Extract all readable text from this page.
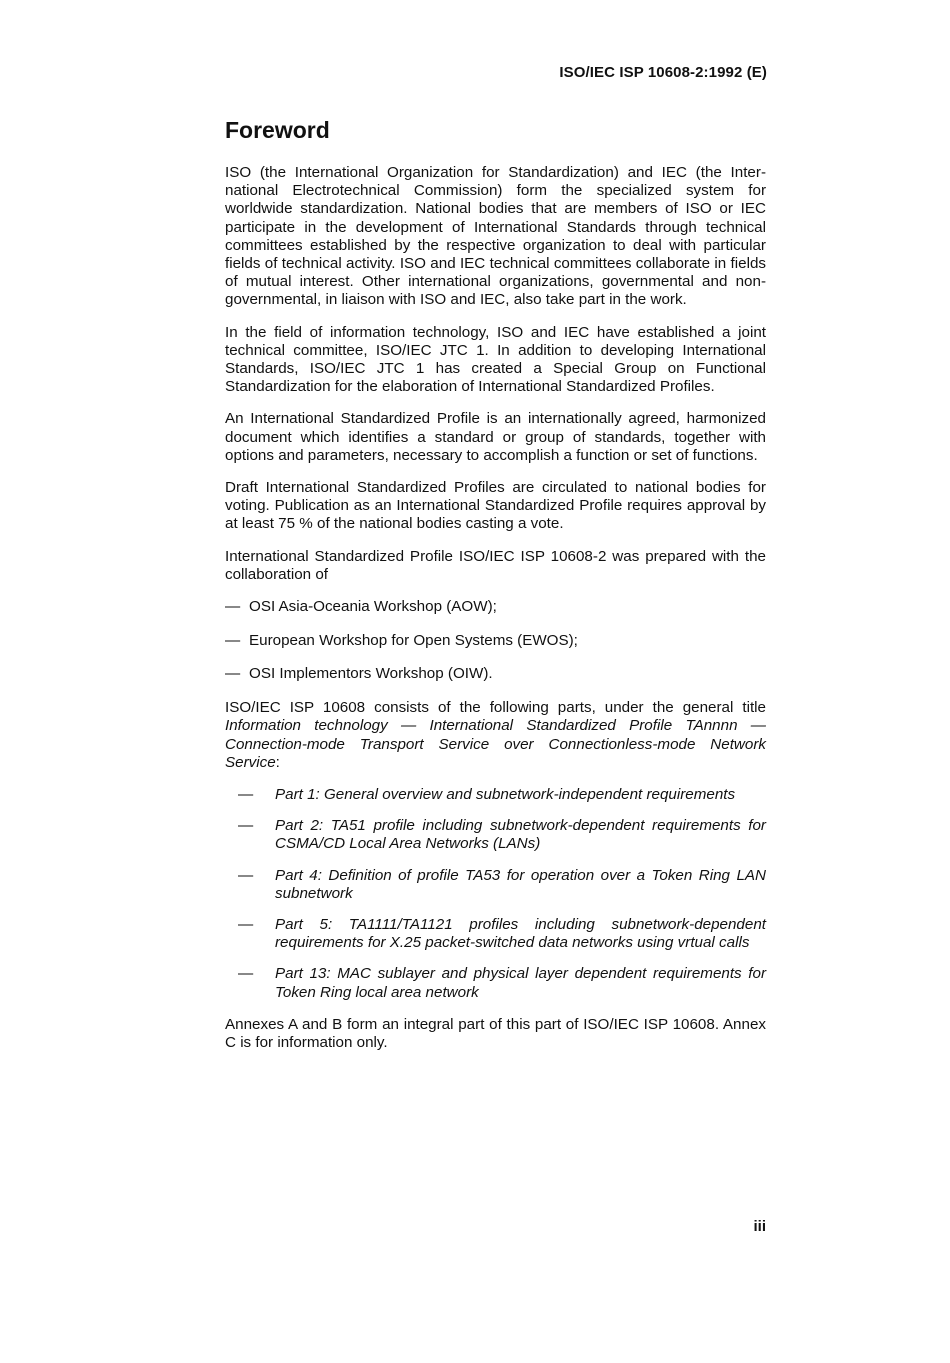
ISO/IEC ISP 10608-2:1992 (E)
Foreword

ISO (the International Organization for Standardization) and IEC (the International Electrotechnical Commission) form the specialized system for worldwide standardization. National bodies that are members of ISO or IEC participate in the development of International Standards through technical committees established by the respective organization to deal with particular fields of technical activity. ISO and IEC technical committees collaborate in fields of mutual interest. Other international organizations, governmental and non-governmental, in liaison with ISO and IEC, also take part in the work.

In the field of information technology, ISO and IEC have established a joint technical committee, ISO/IEC JTC 1. In addition to developing International Standards, ISO/IEC JTC 1 has created a Special Group on Functional Standardization for the elaboration of International Standardized Profiles.

An International Standardized Profile is an internationally agreed, harmonized document which identifies a standard or group of standards, together with options and parameters, necessary to accomplish a function or set of functions.

Draft International Standardized Profiles are circulated to national bodies for voting. Publication as an International Standardized Profile requires approval by at least 75 % of the national bodies casting a vote.

International Standardized Profile ISO/IEC ISP 10608-2 was prepared with the collaboration of

— OSI Asia-Oceania Workshop (AOW);
— European Workshop for Open Systems (EWOS);
— OSI Implementors Workshop (OIW).

ISO/IEC ISP 10608 consists of the following parts, under the general title Information technology — International Standardized Profile TAnnnn — Connection-mode Transport Service over Connectionless-mode Network Service:

— Part 1: General overview and subnetwork-independent requirements
— Part 2: TA51 profile including subnetwork-dependent requirements for CSMA/CD Local Area Networks (LANs)
— Part 4: Definition of profile TA53 for operation over a Token Ring LAN subnetwork
— Part 5: TA1111/TA1121 profiles including subnetwork-dependent requirements for X.25 packet-switched data networks using vrtual calls
— Part 13: MAC sublayer and physical layer dependent requirements for Token Ring local area network

Annexes A and B form an integral part of this part of ISO/IEC ISP 10608. Annex C is for information only.

iii
